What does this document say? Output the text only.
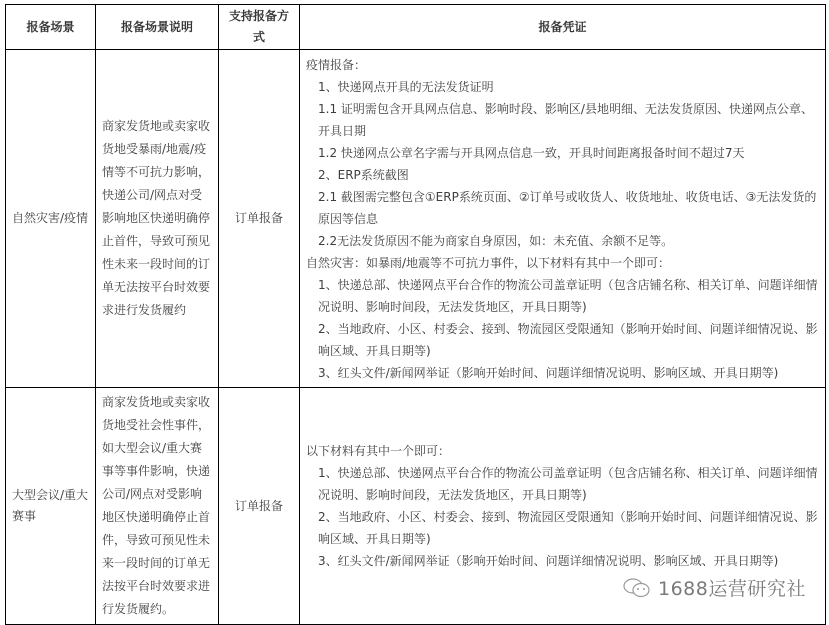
报备场景	报备场景说明	支持报备方式	报备凭证
自然灾害/疫情	商家发货地或卖家收货地受暴雨/地震/疫情等不可抗力影响，快递公司/网点对受影响地区快递明确停止首件，导致可预见性未来一段时间的订单无法按平台时效要求进行发货履约	订单报备	
疫情报备：
1、快递网点开具的无法发货证明
1.1 证明需包含开具网点信息、影响时段、影响区/县地明细、无法发货原因、快递网点公章、开具日期
1.2 快递网点公章名字需与开具网点信息一致，开具时间距离报备时间不超过7天
2、ERP系统截图
2.1 截图需完整包含①ERP系统页面、②订单号或收货人、收货地址、收货电话、③无法发货的原因等信息
2.2无法发货原因不能为商家自身原因，如：未充值、余额不足等。
自然灾害：如暴雨/地震等不可抗力事件，以下材料有其中一个即可：
1、快递总部、快递网点平台合作的物流公司盖章证明（包含店铺名称、相关订单、问题详细情况说明、影响时间段，无法发货地区，开具日期等)
2、当地政府、小区、村委会、接到、物流园区受限通知（影响开始时间、问题详细情况说、影响区域、开具日期等)
3、红头文件/新闻网举证（影响开始时间、问题详细情况说明、影响区域、开具日期等)

大型会议/重大赛事	商家发货地或卖家收货地受社会性事件，如大型会议/重大赛事等事件影响，快递公司/网点对受影响地区快递明确停止首件，导致可预见性未来一段时间的订单无法按平台时效要求进行发货履约。	订单报备	以下材料有其中一个即可：
1、快递总部、快递网点平台合作的物流公司盖章证明（包含店铺名称、相关订单、问题详细情况说明、影响时间段，无法发货地区，开具日期等)
2、当地政府、小区、村委会、接到、物流园区受限通知（影响开始时间、问题详细情况说、影响区域、开具日期等)
3、红头文件/新闻网举证（影响开始时间、问题详细情况说明、影响区域、开具日期等)
1688运营研究社
